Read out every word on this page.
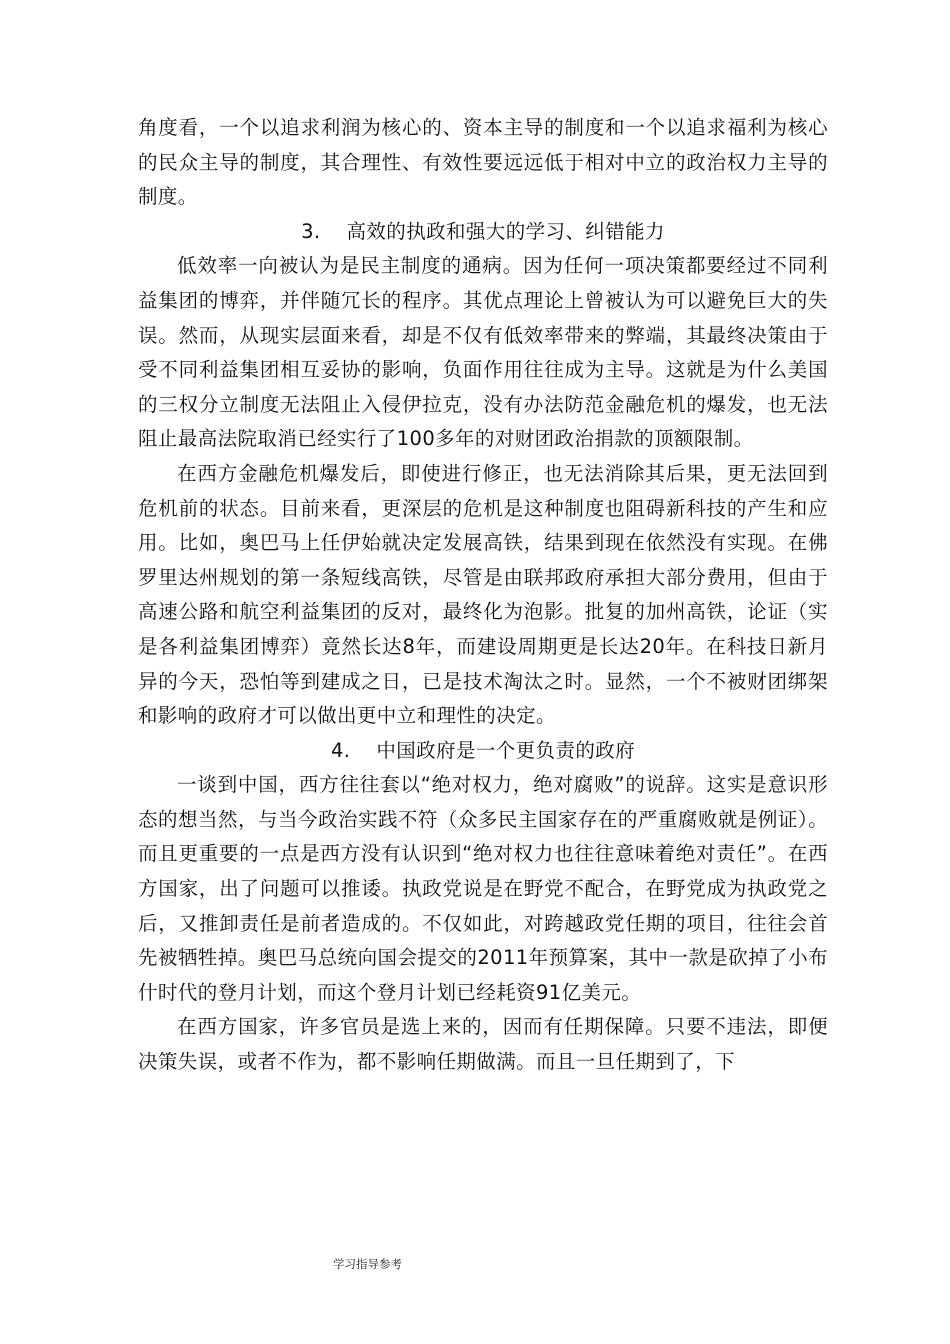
角度看，一个以追求利润为核心的、资本主导的制度和一个以追求福利为核心的民众主导的制度，其合理性、有效性要远远低于相对中立的政治权力主导的制度。

3. 高效的执政和强大的学习、纠错能力

低效率一向被认为是民主制度的通病。因为任何一项决策都要经过不同利益集团的博弈，并伴随冗长的程序。其优点理论上曾被认为可以避免巨大的失误。然而，从现实层面来看，却是不仅有低效率带来的弊端，其最终决策由于受不同利益集团相互妥协的影响，负面作用往往成为主导。这就是为什么美国的三权分立制度无法阻止入侵伊拉克，没有办法防范金融危机的爆发，也无法阻止最高法院取消已经实行了100多年的对财团政治捐款的顶额限制。

在西方金融危机爆发后，即使进行修正，也无法消除其后果，更无法回到危机前的状态。目前来看，更深层的危机是这种制度也阻碍新科技的产生和应用。比如，奥巴马上任伊始就决定发展高铁，结果到现在依然没有实现。在佛罗里达州规划的第一条短线高铁，尽管是由联邦政府承担大部分费用，但由于高速公路和航空利益集团的反对，最终化为泡影。批复的加州高铁，论证（实是各利益集团博弈）竟然长达8年，而建设周期更是长达20年。在科技日新月异的今天，恐怕等到建成之日，已是技术淘汰之时。显然，一个不被财团绑架和影响的政府才可以做出更中立和理性的决定。

4. 中国政府是一个更负责的政府

一谈到中国，西方往往套以“绝对权力，绝对腐败”的说辞。这实是意识形态的想当然，与当今政治实践不符（众多民主国家存在的严重腐败就是例证）。而且更重要的一点是西方没有认识到“绝对权力也往往意味着绝对责任”。在西方国家，出了问题可以推诿。执政党说是在野党不配合，在野党成为执政党之后，又推卸责任是前者造成的。不仅如此，对跨越政党任期的项目，往往会首先被牺牲掉。奥巴马总统向国会提交的2011年预算案，其中一款是砍掉了小布什时代的登月计划，而这个登月计划已经耗资91亿美元。

在西方国家，许多官员是选上来的，因而有任期保障。只要不违法，即便决策失误，或者不作为，都不影响任期做满。而且一旦任期到了，下

学习指导参考
